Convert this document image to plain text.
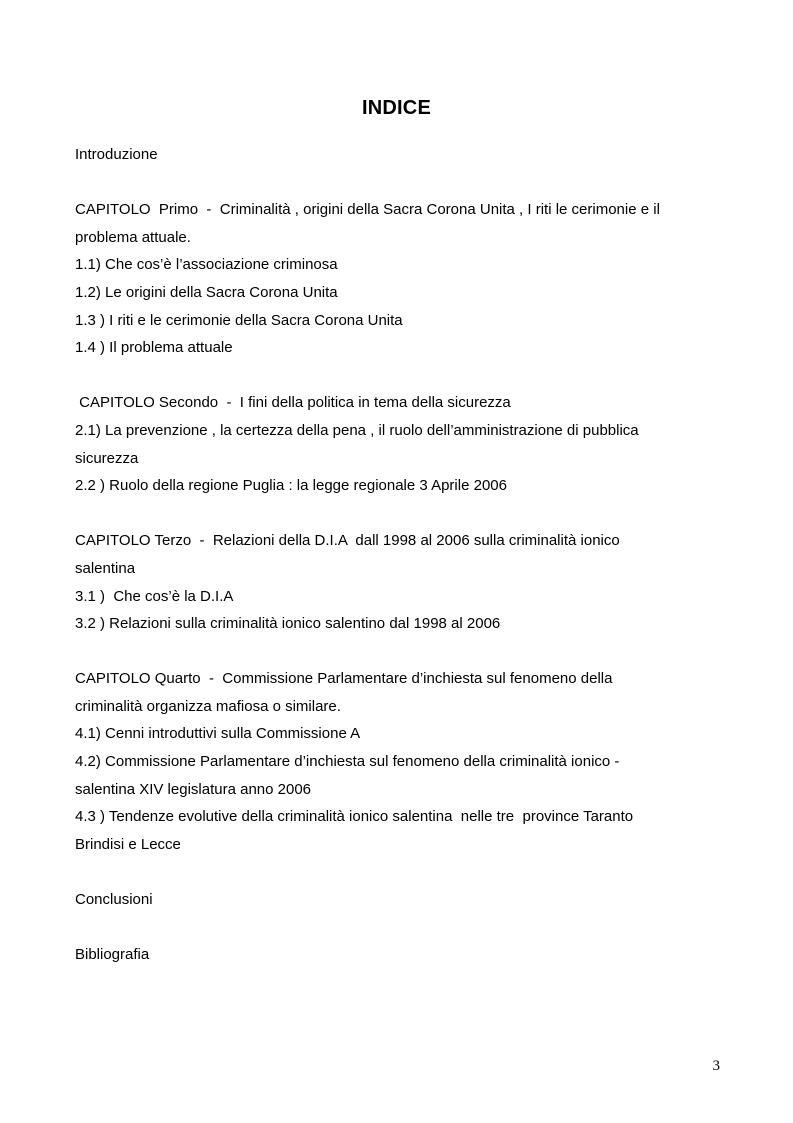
INDICE
Introduzione
CAPITOLO  Primo  -  Criminalità , origini della Sacra Corona Unita , I riti le cerimonie e il
problema attuale.
1.1) Che cos’è l’associazione criminosa
1.2) Le origini della Sacra Corona Unita
1.3 ) I riti e le cerimonie della Sacra Corona Unita
1.4 ) Il problema attuale
CAPITOLO Secondo  -  I fini della politica in tema della sicurezza
2.1) La prevenzione , la certezza della pena , il ruolo dell’amministrazione di pubblica
sicurezza
2.2 ) Ruolo della regione Puglia : la legge regionale 3 Aprile 2006
CAPITOLO Terzo  -  Relazioni della D.I.A  dall 1998 al 2006 sulla criminalità ionico
salentina
3.1 )  Che cos’è la D.I.A
3.2 ) Relazioni sulla criminalità ionico salentino dal 1998 al 2006
CAPITOLO Quarto  -  Commissione Parlamentare d’inchiesta sul fenomeno della
criminalità organizza mafiosa o similare.
4.1) Cenni introduttivi sulla Commissione A
4.2) Commissione Parlamentare d’inchiesta sul fenomeno della criminalità ionico -
salentina XIV legislatura anno 2006
4.3 ) Tendenze evolutive della criminalità ionico salentina  nelle tre  province Taranto
Brindisi e Lecce
Conclusioni
Bibliografia
3
